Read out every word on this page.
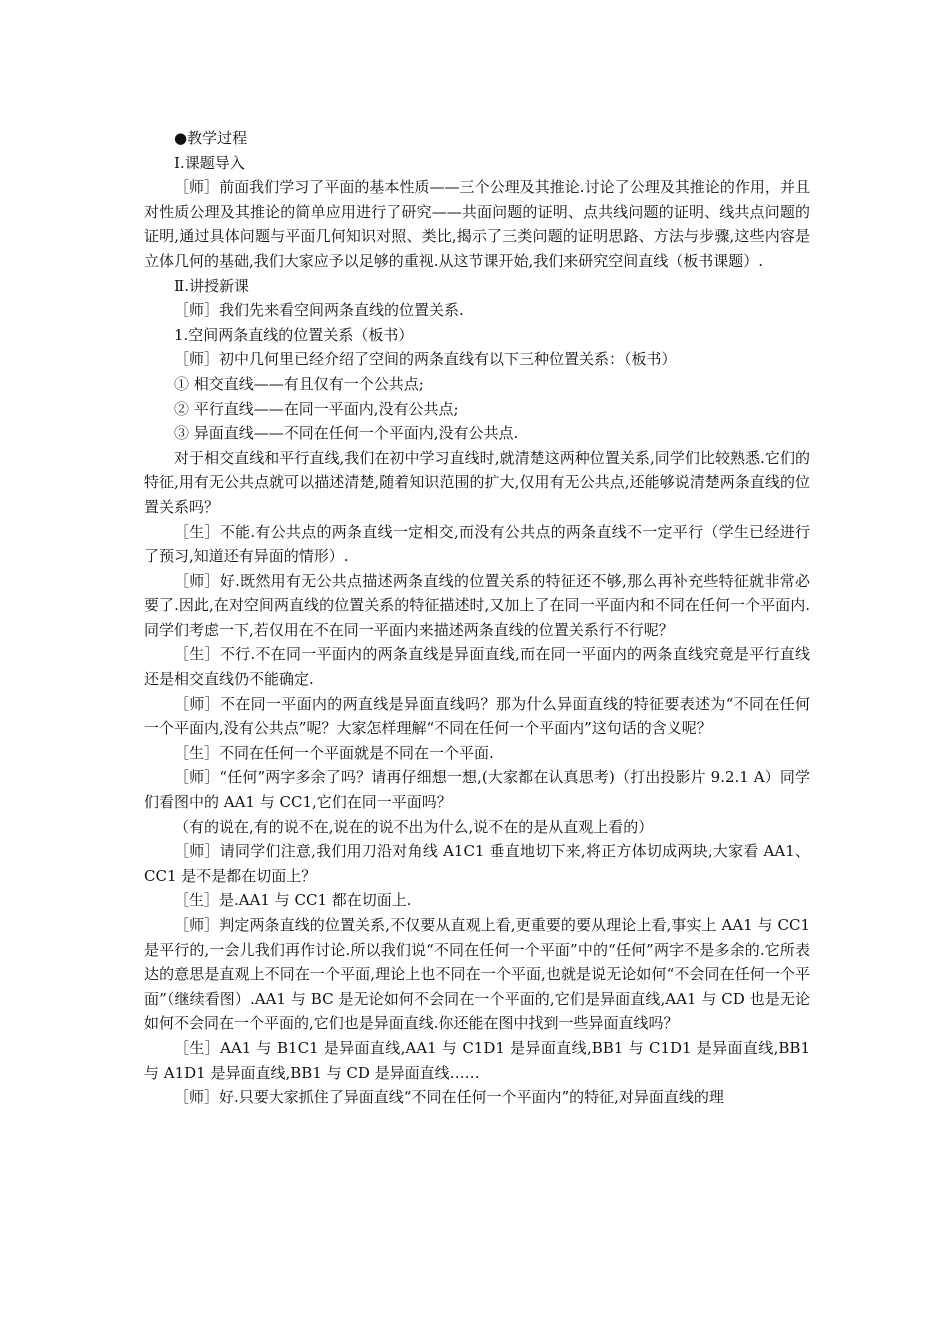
●教学过程

Ⅰ.课题导入

［师］前面我们学习了平面的基本性质——三个公理及其推论.讨论了公理及其推论的作用，并且对性质公理及其推论的简单应用进行了研究——共面问题的证明、点共线问题的证明、线共点问题的证明,通过具体问题与平面几何知识对照、类比,揭示了三类问题的证明思路、方法与步骤,这些内容是立体几何的基础,我们大家应予以足够的重视.从这节课开始,我们来研究空间直线（板书课题）.

Ⅱ.讲授新课

［师］我们先来看空间两条直线的位置关系.

1.空间两条直线的位置关系（板书）

［师］初中几何里已经介绍了空间的两条直线有以下三种位置关系：（板书）

① 相交直线——有且仅有一个公共点;

② 平行直线——在同一平面内,没有公共点;

③ 异面直线——不同在任何一个平面内,没有公共点.

对于相交直线和平行直线,我们在初中学习直线时,就清楚这两种位置关系,同学们比较熟悉.它们的特征,用有无公共点就可以描述清楚,随着知识范围的扩大,仅用有无公共点,还能够说清楚两条直线的位置关系吗？

［生］不能.有公共点的两条直线一定相交,而没有公共点的两条直线不一定平行（学生已经进行了预习,知道还有异面的情形）.

［师］好.既然用有无公共点描述两条直线的位置关系的特征还不够,那么再补充些特征就非常必要了.因此,在对空间两直线的位置关系的特征描述时,又加上了在同一平面内和不同在任何一个平面内.同学们考虑一下,若仅用在不在同一平面内来描述两条直线的位置关系行不行呢？

［生］不行.不在同一平面内的两条直线是异面直线,而在同一平面内的两条直线究竟是平行直线还是相交直线仍不能确定.

［师］不在同一平面内的两直线是异面直线吗？那为什么异面直线的特征要表述为“不同在任何一个平面内,没有公共点”呢？大家怎样理解“不同在任何一个平面内”这句话的含义呢？

［生］不同在任何一个平面就是不同在一个平面.

［师］“任何”两字多余了吗？请再仔细想一想,(大家都在认真思考)（打出投影片 9.2.1 A）同学们看图中的 AA1 与 CC1,它们在同一平面吗？

（有的说在,有的说不在,说在的说不出为什么,说不在的是从直观上看的）

［师］请同学们注意,我们用刀沿对角线 A1C1 垂直地切下来,将正方体切成两块,大家看 AA1、CC1 是不是都在切面上？

［生］是.AA1 与 CC1 都在切面上.

［师］判定两条直线的位置关系,不仅要从直观上看,更重要的要从理论上看,事实上 AA1 与 CC1 是平行的,一会儿我们再作讨论.所以我们说“不同在任何一个平面”中的“任何”两字不是多余的.它所表达的意思是直观上不同在一个平面,理论上也不同在一个平面,也就是说无论如何“不会同在任何一个平面”（继续看图）.AA1 与 BC 是无论如何不会同在一个平面的,它们是异面直线,AA1 与 CD 也是无论如何不会同在一个平面的,它们也是异面直线.你还能在图中找到一些异面直线吗？

［生］AA1 与 B1C1 是异面直线,AA1 与 C1D1 是异面直线,BB1 与 C1D1 是异面直线,BB1 与 A1D1 是异面直线,BB1 与 CD 是异面直线……

［师］好.只要大家抓住了异面直线“不同在任何一个平面内”的特征,对异面直线的理
